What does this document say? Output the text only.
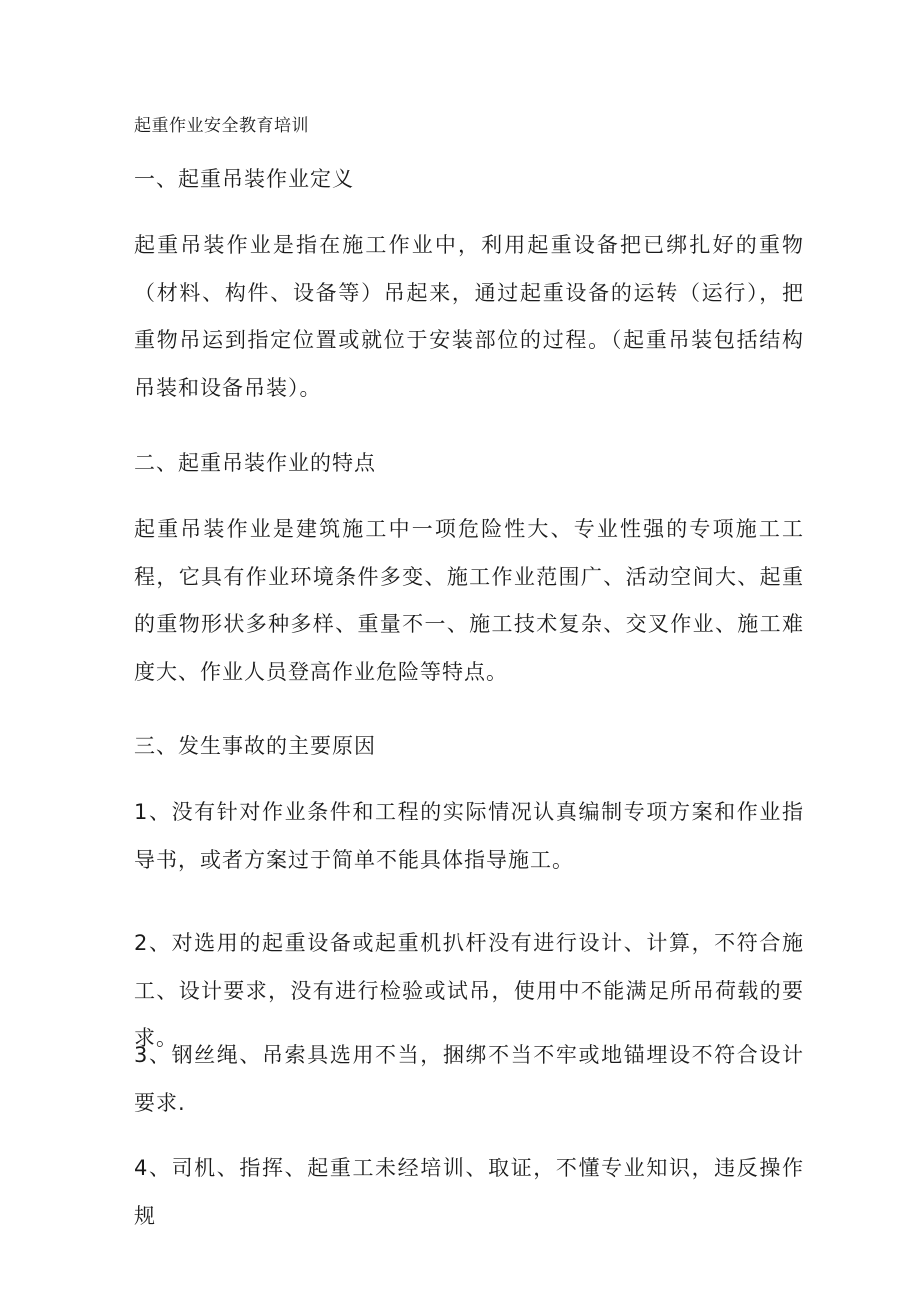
起重作业安全教育培训
一、起重吊装作业定义
起重吊装作业是指在施工作业中，利用起重设备把已绑扎好的重物（材料、构件、设备等）吊起来，通过起重设备的运转（运行），把重物吊运到指定位置或就位于安装部位的过程。（起重吊装包括结构吊装和设备吊装）。
二、起重吊装作业的特点
起重吊装作业是建筑施工中一项危险性大、专业性强的专项施工工程，它具有作业环境条件多变、施工作业范围广、活动空间大、起重的重物形状多种多样、重量不一、施工技术复杂、交叉作业、施工难度大、作业人员登高作业危险等特点。
三、发生事故的主要原因
1、没有针对作业条件和工程的实际情况认真编制专项方案和作业指导书，或者方案过于简单不能具体指导施工。
2、对选用的起重设备或起重机扒杆没有进行设计、计算，不符合施工、设计要求，没有进行检验或试吊，使用中不能满足所吊荷载的要求。
3、钢丝绳、吊索具选用不当，捆绑不当不牢或地锚埋设不符合设计要求.
4、司机、指挥、起重工未经培训、取证，不懂专业知识，违反操作规
